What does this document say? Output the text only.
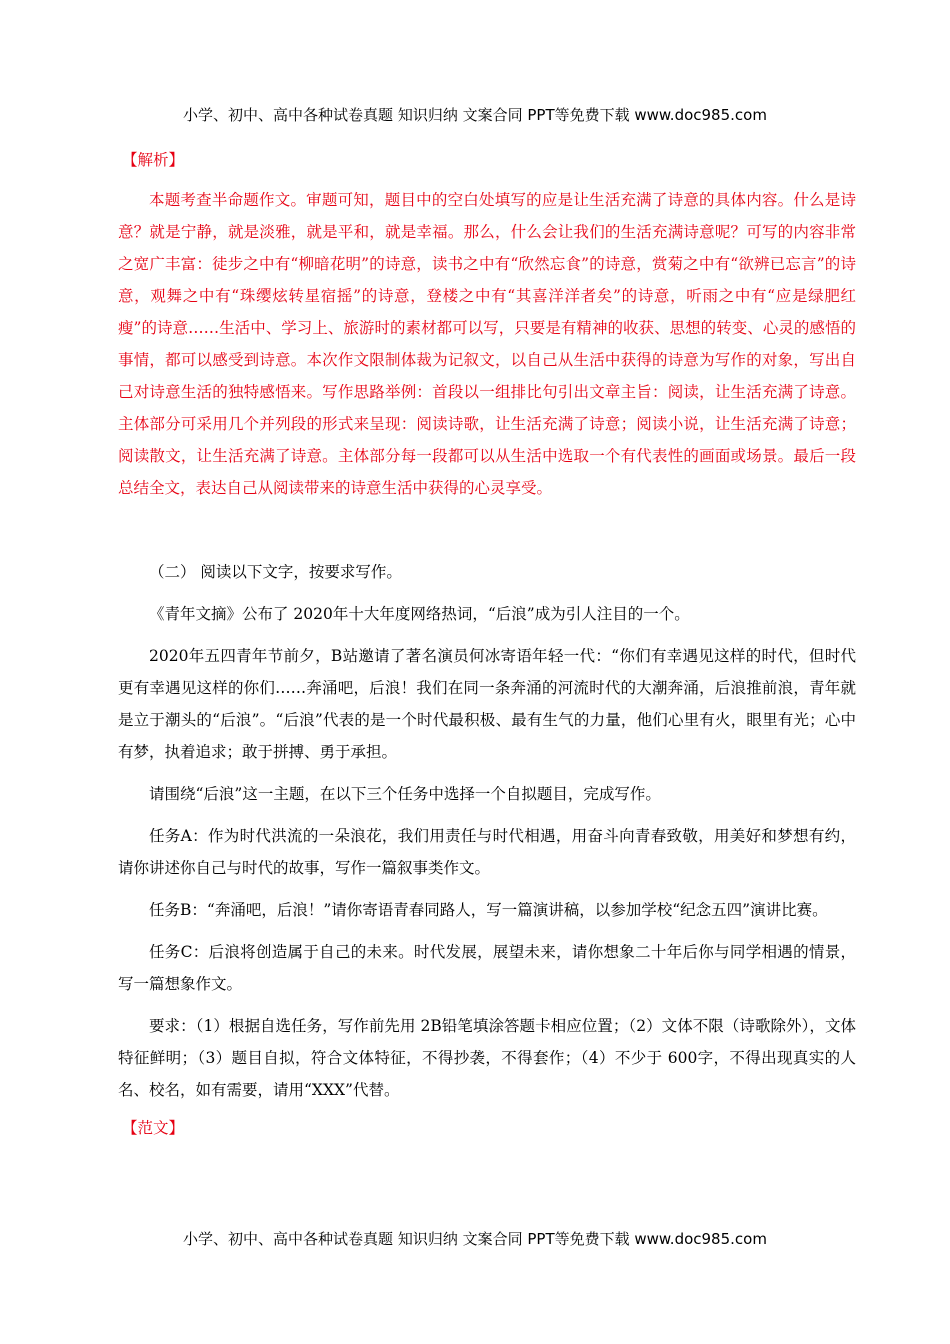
小学、初中、高中各种试卷真题 知识归纳 文案合同 PPT等免费下载 www.doc985.com

【解析】

本题考查半命题作文。审题可知，题目中的空白处填写的应是让生活充满了诗意的具体内容。什么是诗意？就是宁静，就是淡雅，就是平和，就是幸福。那么，什么会让我们的生活充满诗意呢？可写的内容非常之宽广丰富：徒步之中有“柳暗花明”的诗意，读书之中有“欣然忘食”的诗意，赏菊之中有“欲辨已忘言”的诗意，观舞之中有“珠缨炫转星宿摇”的诗意，登楼之中有“其喜洋洋者矣”的诗意，听雨之中有“应是绿肥红瘦”的诗意……生活中、学习上、旅游时的素材都可以写，只要是有精神的收获、思想的转变、心灵的感悟的事情，都可以感受到诗意。本次作文限制体裁为记叙文，以自己从生活中获得的诗意为写作的对象，写出自己对诗意生活的独特感悟来。写作思路举例：首段以一组排比句引出文章主旨：阅读，让生活充满了诗意。主体部分可采用几个并列段的形式来呈现：阅读诗歌，让生活充满了诗意；阅读小说，让生活充满了诗意；阅读散文，让生活充满了诗意。主体部分每一段都可以从生活中选取一个有代表性的画面或场景。最后一段总结全文，表达自己从阅读带来的诗意生活中获得的心灵享受。

（二） 阅读以下文字，按要求写作。

《青年文摘》公布了 2020年十大年度网络热词，“后浪”成为引人注目的一个。

2020年五四青年节前夕，B站邀请了著名演员何冰寄语年轻一代：“你们有幸遇见这样的时代，但时代更有幸遇见这样的你们……奔涌吧，后浪！我们在同一条奔涌的河流时代的大潮奔涌，后浪推前浪，青年就是立于潮头的“后浪”。“后浪”代表的是一个时代最积极、最有生气的力量，他们心里有火，眼里有光；心中有梦，执着追求；敢于拼搏、勇于承担。

请围绕“后浪”这一主题，在以下三个任务中选择一个自拟题目，完成写作。

任务A：作为时代洪流的一朵浪花，我们用责任与时代相遇，用奋斗向青春致敬，用美好和梦想有约，请你讲述你自己与时代的故事，写作一篇叙事类作文。

任务B：“奔涌吧，后浪！”请你寄语青春同路人，写一篇演讲稿，以参加学校“纪念五四”演讲比赛。

任务C：后浪将创造属于自己的未来。时代发展，展望未来，请你想象二十年后你与同学相遇的情景，写一篇想象作文。

要求：（1）根据自选任务，写作前先用 2B铅笔填涂答题卡相应位置；（2）文体不限（诗歌除外），文体特征鲜明；（3）题目自拟，符合文体特征，不得抄袭，不得套作；（4）不少于 600字，不得出现真实的人名、校名，如有需要，请用“XXX”代替。

【范文】

小学、初中、高中各种试卷真题 知识归纳 文案合同 PPT等免费下载 www.doc985.com
